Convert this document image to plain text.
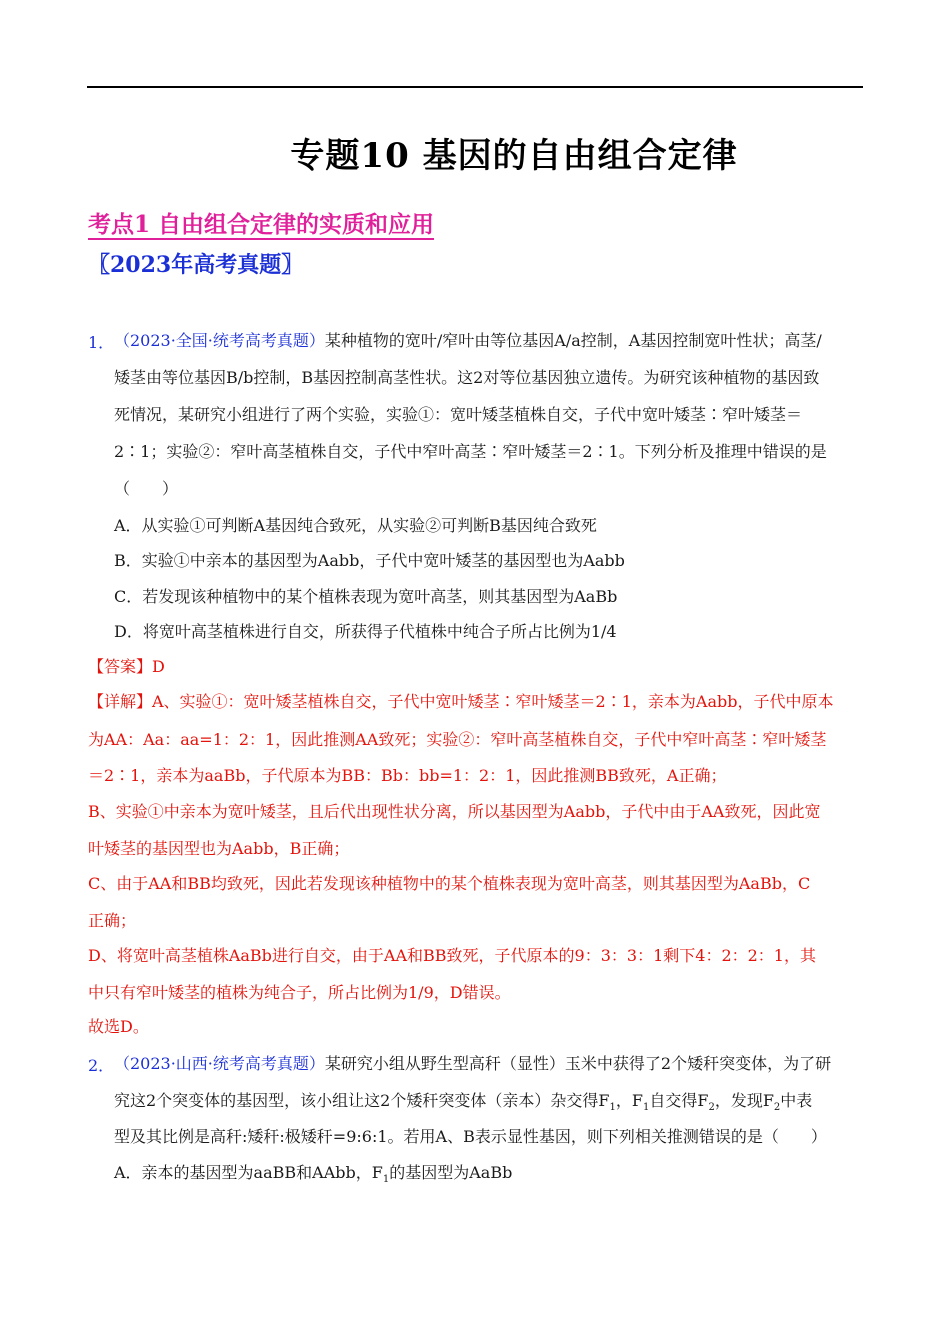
专题10 基因的自由组合定律
考点1 自由组合定律的实质和应用
〖2023年高考真题〗
1． （2023·全国·统考高考真题）某种植物的宽叶/窄叶由等位基因A/a控制，A基因控制宽叶性状；高茎/
矮茎由等位基因B/b控制，B基因控制高茎性状。这2对等位基因独立遗传。为研究该种植物的基因致
死情况，某研究小组进行了两个实验，实验①：宽叶矮茎植株自交，子代中宽叶矮茎∶窄叶矮茎＝
2∶1；实验②：窄叶高茎植株自交，子代中窄叶高茎∶窄叶矮茎＝2∶1。下列分析及推理中错误的是
（　　）
A．从实验①可判断A基因纯合致死，从实验②可判断B基因纯合致死
B．实验①中亲本的基因型为Aabb，子代中宽叶矮茎的基因型也为Aabb
C．若发现该种植物中的某个植株表现为宽叶高茎，则其基因型为AaBb
D．将宽叶高茎植株进行自交，所获得子代植株中纯合子所占比例为1/4
【答案】D
【详解】A、实验①：宽叶矮茎植株自交，子代中宽叶矮茎∶窄叶矮茎＝2∶1，亲本为Aabb，子代中原本
为AA：Aa：aa=1：2：1，因此推测AA致死；实验②：窄叶高茎植株自交，子代中窄叶高茎∶窄叶矮茎
＝2∶1，亲本为aaBb，子代原本为BB：Bb：bb=1：2：1，因此推测BB致死，A正确；
B、实验①中亲本为宽叶矮茎，且后代出现性状分离，所以基因型为Aabb，子代中由于AA致死，因此宽
叶矮茎的基因型也为Aabb，B正确；
C、由于AA和BB均致死，因此若发现该种植物中的某个植株表现为宽叶高茎，则其基因型为AaBb，C
正确；
D、将宽叶高茎植株AaBb进行自交，由于AA和BB致死，子代原本的9：3：3：1剩下4：2：2：1，其
中只有窄叶矮茎的植株为纯合子，所占比例为1/9，D错误。
故选D。
2． （2023·山西·统考高考真题）某研究小组从野生型高秆（显性）玉米中获得了2个矮秆突变体，为了研
究这2个突变体的基因型，该小组让这2个矮秆突变体（亲本）杂交得$F_1$，$F_1$自交得$F_2$，发现$F_2$中表
型及其比例是高秆:矮秆:极矮秆=9:6:1。若用A、B表示显性基因，则下列相关推测错误的是（　　）
A．亲本的基因型为aaBB和AAbb，$F_1$的基因型为AaBb
